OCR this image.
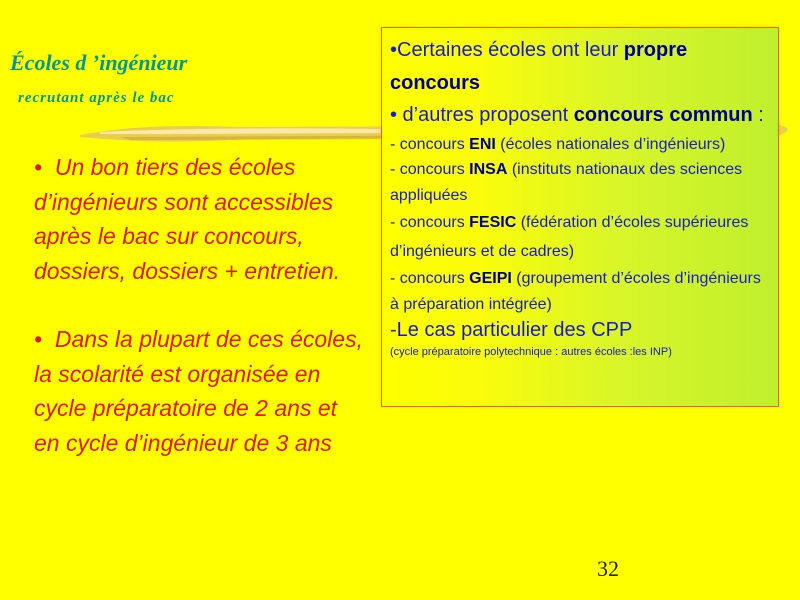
Écoles d ’ingénieur
recrutant après le bac

• Un bon tiers des écoles d’ingénieurs sont accessibles après le bac sur concours, dossiers, dossiers + entretien.

• Dans la plupart de ces écoles, la scolarité est organisée en cycle préparatoire de 2 ans et en cycle d’ingénieur de 3 ans

•Certaines écoles ont leur propre concours
• d’autres proposent concours commun :
- concours ENI (écoles nationales d’ingénieurs)
- concours INSA (instituts nationaux des sciences appliquées
- concours FESIC (fédération d’écoles supérieures d’ingénieurs et de cadres)
- concours GEIPI (groupement d’écoles d’ingénieurs à préparation intégrée)
-Le cas particulier des CPP
(cycle préparatoire polytechnique : autres écoles :les INP)
32
